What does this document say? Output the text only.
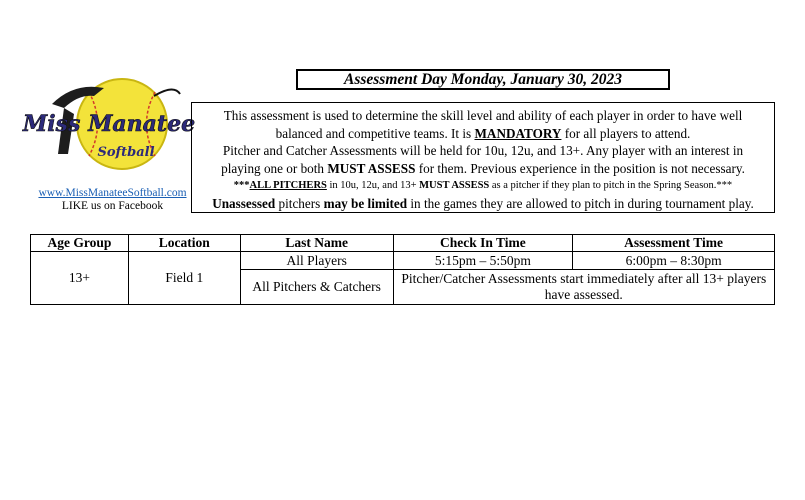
Miss Manatee
Softball
www.MissManateeSoftball.com
LIKE us on Facebook
Assessment Day Monday, January 30, 2023

This assessment is used to determine the skill level and ability of each player in order to have well

balanced and competitive teams. It is MANDATORY for all players to attend.

Pitcher and Catcher Assessments will be held for 10u, 12u, and 13+. Any player with an interest in

playing one or both MUST ASSESS for them. Previous experience in the position is not necessary.

***ALL PITCHERS in 10u, 12u, and 13+ MUST ASSESS as a pitcher if they plan to pitch in the Spring Season.***

Unassessed pitchers may be limited in the games they are allowed to pitch in during tournament play.

Age Group	Location	Last Name	Check In Time	Assessment Time
13+	Field 1	All Players	5:15pm – 5:50pm	6:00pm – 8:30pm
		All Pitchers & Catchers	Pitcher/Catcher Assessments start immediately after all 13+ players have assessed.	
